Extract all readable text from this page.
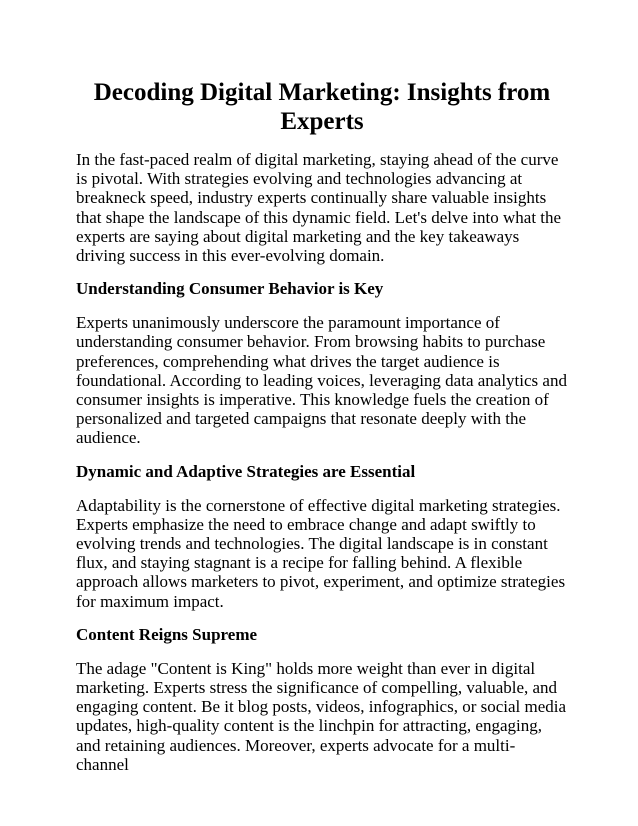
Decoding Digital Marketing: Insights from Experts

In the fast-paced realm of digital marketing, staying ahead of the curve is pivotal. With strategies evolving and technologies advancing at breakneck speed, industry experts continually share valuable insights that shape the landscape of this dynamic field. Let's delve into what the experts are saying about digital marketing and the key takeaways driving success in this ever-evolving domain.

Understanding Consumer Behavior is Key

Experts unanimously underscore the paramount importance of understanding consumer behavior. From browsing habits to purchase preferences, comprehending what drives the target audience is foundational. According to leading voices, leveraging data analytics and consumer insights is imperative. This knowledge fuels the creation of personalized and targeted campaigns that resonate deeply with the audience.

Dynamic and Adaptive Strategies are Essential

Adaptability is the cornerstone of effective digital marketing strategies. Experts emphasize the need to embrace change and adapt swiftly to evolving trends and technologies. The digital landscape is in constant flux, and staying stagnant is a recipe for falling behind. A flexible approach allows marketers to pivot, experiment, and optimize strategies for maximum impact.

Content Reigns Supreme

The adage "Content is King" holds more weight than ever in digital marketing. Experts stress the significance of compelling, valuable, and engaging content. Be it blog posts, videos, infographics, or social media updates, high-quality content is the linchpin for attracting, engaging, and retaining audiences. Moreover, experts advocate for a multi-channel
